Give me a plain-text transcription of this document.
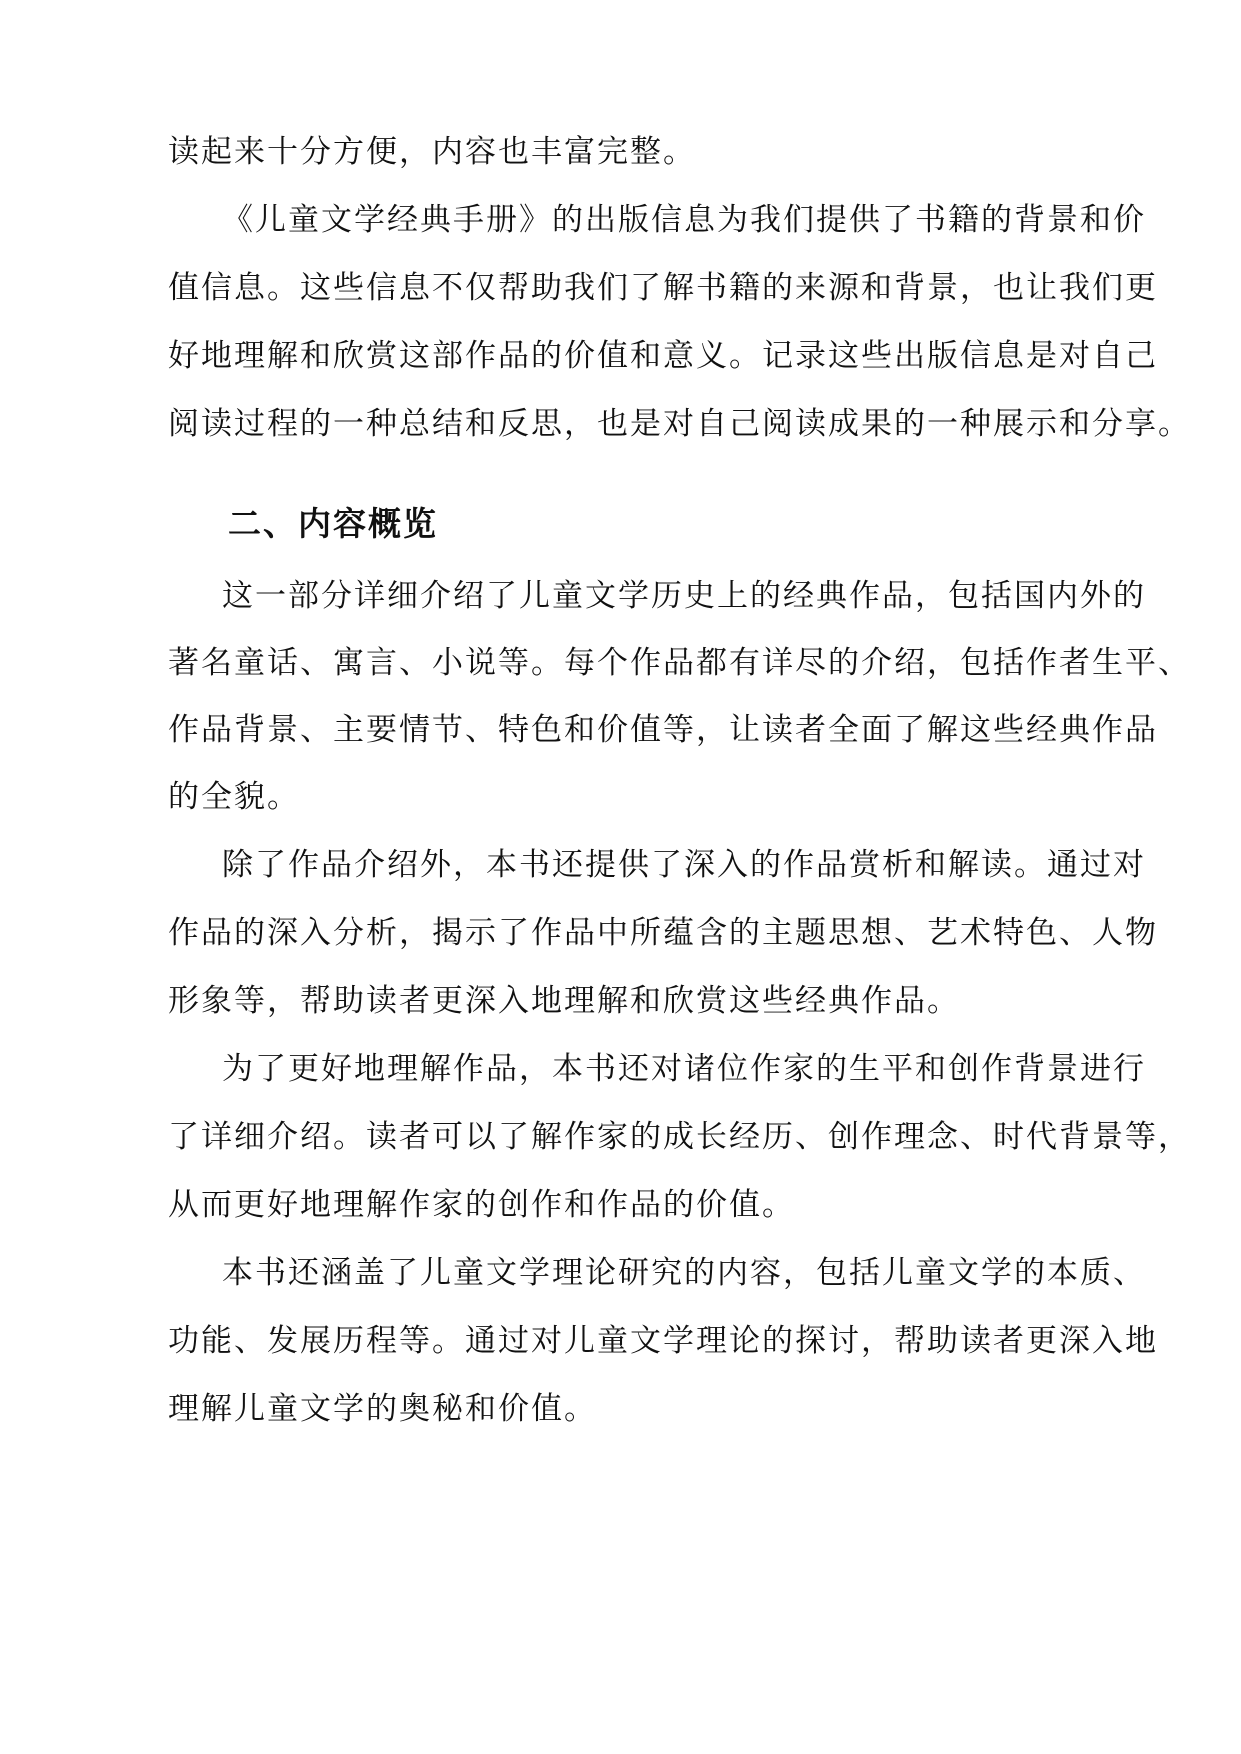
读起来十分方便，内容也丰富完整。
《儿童文学经典手册》的出版信息为我们提供了书籍的背景和价
值信息。这些信息不仅帮助我们了解书籍的来源和背景，也让我们更
好地理解和欣赏这部作品的价值和意义。记录这些出版信息是对自己
阅读过程的一种总结和反思，也是对自己阅读成果的一种展示和分享。
二、内容概览
这一部分详细介绍了儿童文学历史上的经典作品，包括国内外的
著名童话、寓言、小说等。每个作品都有详尽的介绍，包括作者生平、
作品背景、主要情节、特色和价值等，让读者全面了解这些经典作品
的全貌。
除了作品介绍外，本书还提供了深入的作品赏析和解读。通过对
作品的深入分析，揭示了作品中所蕴含的主题思想、艺术特色、人物
形象等，帮助读者更深入地理解和欣赏这些经典作品。
为了更好地理解作品，本书还对诸位作家的生平和创作背景进行
了详细介绍。读者可以了解作家的成长经历、创作理念、时代背景等，
从而更好地理解作家的创作和作品的价值。
本书还涵盖了儿童文学理论研究的内容，包括儿童文学的本质、
功能、发展历程等。通过对儿童文学理论的探讨，帮助读者更深入地
理解儿童文学的奥秘和价值。
